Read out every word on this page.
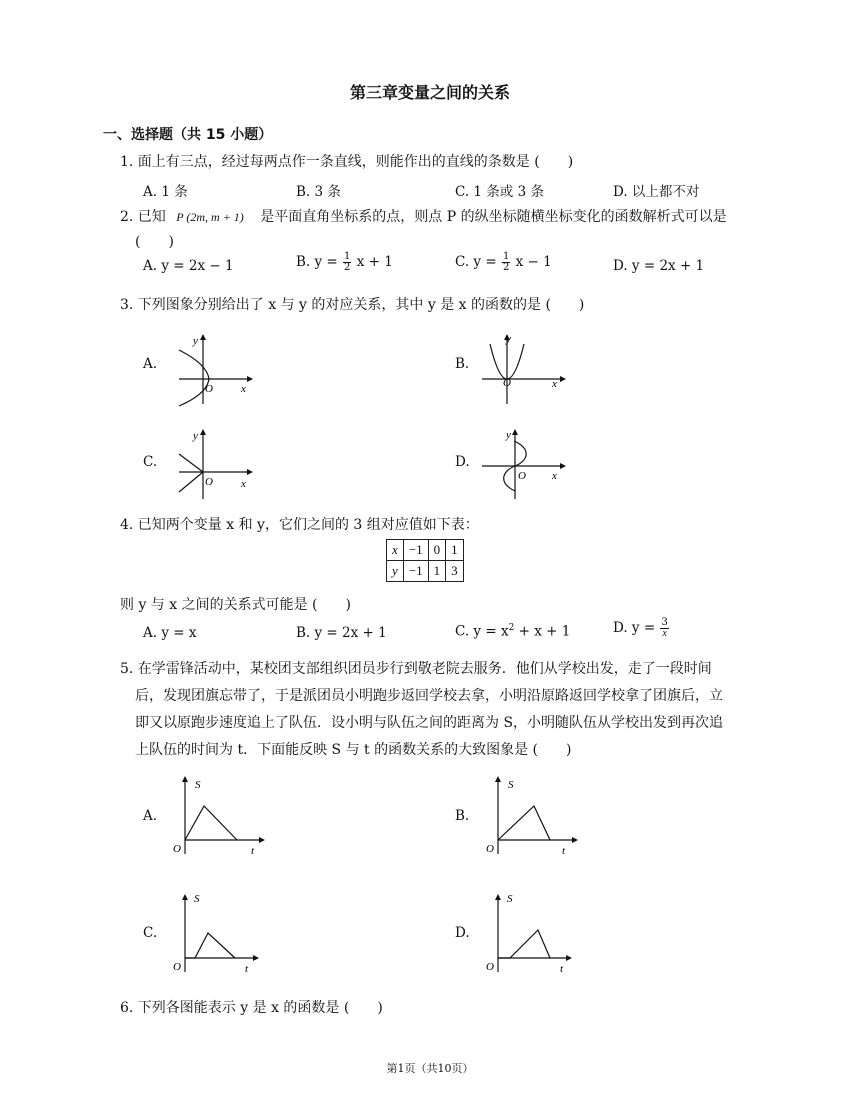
第三章变量之间的关系
一、选择题（共 15 小题）
1. 面上有三点，经过每两点作一条直线，则能作出的直线的条数是 (　　)
A. 1 条	B. 3 条	C. 1 条或 3 条	D. 以上都不对
2. 已知 P (2m, m + 1) 是平面直角坐标系的点，则点 P 的纵坐标随横坐标变化的函数解析式可以是
(　　)
A. y = 2x − 1	B. $y = \frac{1}{2}$ x + 1	C. $y = \frac{1}{2}$ x − 1	D. y = 2x + 1
3. 下列图象分别给出了 x 与 y 的对应关系，其中 y 是 x 的函数的是 (　　)
A.
y
O	x
B.
y
O	x
C.
y
O	x
D.
y
O x
4. 已知两个变量 x 和 y，它们之间的 3 组对应值如下表：
x	−1	0	1
y	−1	1	3
则 y 与 x 之间的关系式可能是 (　　)
A. y = x	B. y = 2x + 1	C. $y = x^2 + x + 1$	D. $y = \frac{3}{x}$
5. 在学雷锋活动中，某校团支部组织团员步行到敬老院去服务．他们从学校出发，走了一段时间
后，发现团旗忘带了，于是派团员小明跑步返回学校去拿，小明沿原路返回学校拿了团旗后，立
即又以原跑步速度追上了队伍．设小明与队伍之间的距离为 S，小明随队伍从学校出发到再次追
上队伍的时间为 t．下面能反映 S 与 t 的函数关系的大致图象是 (　　)
A.
S
O	t
B.
S
O	t
C.
S
O	t
D.
S
O	t
6. 下列各图能表示 y 是 x 的函数是 (　　)
第1页（共10页）
